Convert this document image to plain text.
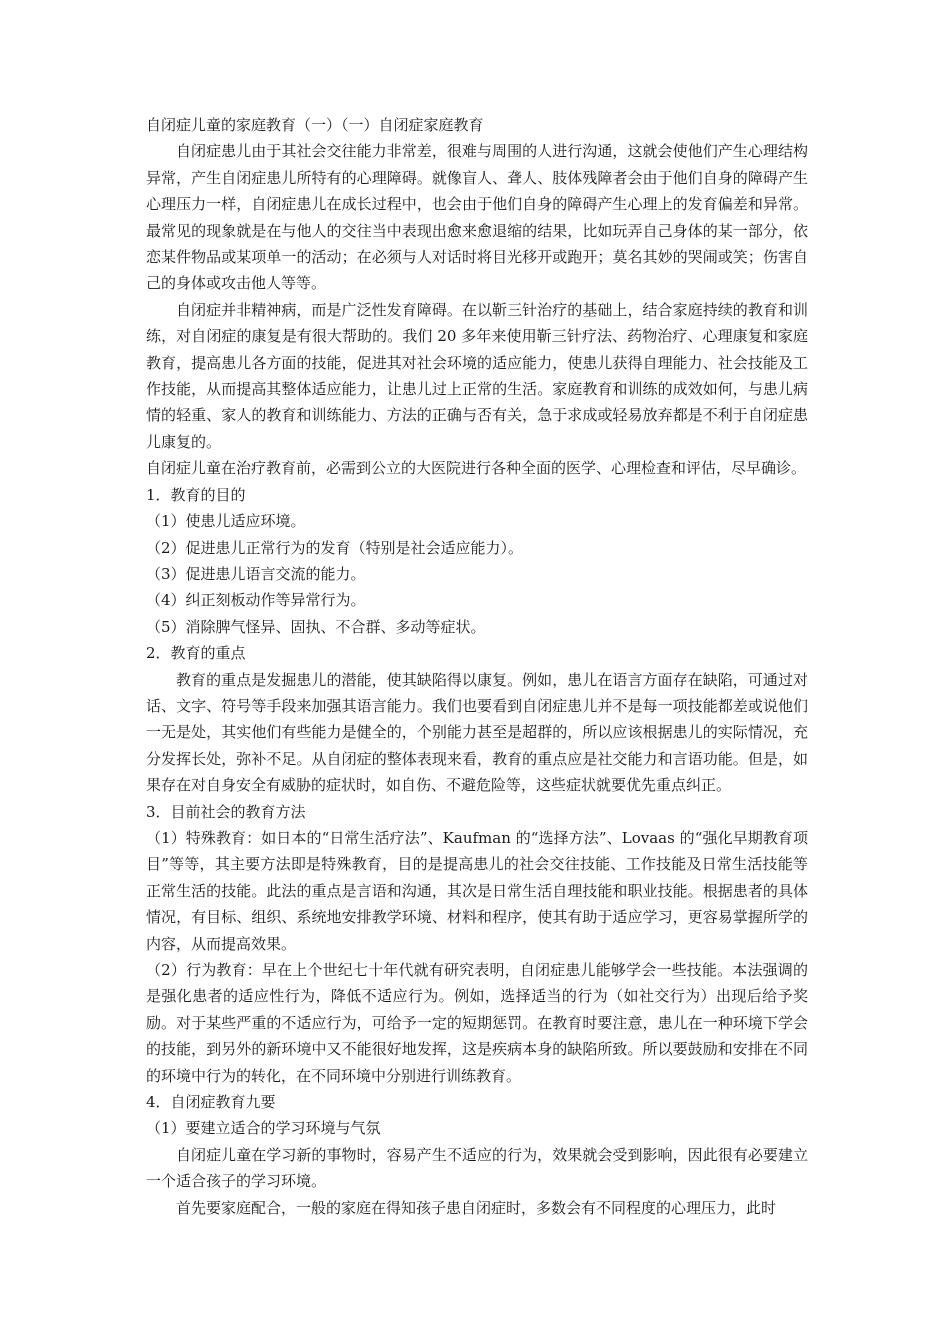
自闭症儿童的家庭教育（一）（一）自闭症家庭教育

自闭症患儿由于其社会交往能力非常差，很难与周围的人进行沟通，这就会使他们产生心理结构异常，产生自闭症患儿所特有的心理障碍。就像盲人、聋人、肢体残障者会由于他们自身的障碍产生心理压力一样，自闭症患儿在成长过程中，也会由于他们自身的障碍产生心理上的发育偏差和异常。最常见的现象就是在与他人的交往当中表现出愈来愈退缩的结果，比如玩弄自己身体的某一部分，依恋某件物品或某项单一的活动；在必须与人对话时将目光移开或跑开；莫名其妙的哭闹或笑；伤害自己的身体或攻击他人等等。

自闭症并非精神病，而是广泛性发育障碍。在以靳三针治疗的基础上，结合家庭持续的教育和训练，对自闭症的康复是有很大帮助的。我们 20 多年来使用靳三针疗法、药物治疗、心理康复和家庭教育，提高患儿各方面的技能，促进其对社会环境的适应能力，使患儿获得自理能力、社会技能及工作技能，从而提高其整体适应能力，让患儿过上正常的生活。家庭教育和训练的成效如何，与患儿病情的轻重、家人的教育和训练能力、方法的正确与否有关，急于求成或轻易放弃都是不利于自闭症患儿康复的。

自闭症儿童在治疗教育前，必需到公立的大医院进行各种全面的医学、心理检查和评估，尽早确诊。

1．教育的目的

（1）使患儿适应环境。

（2）促进患儿正常行为的发育（特别是社会适应能力）。

（3）促进患儿语言交流的能力。

（4）纠正刻板动作等异常行为。

（5）消除脾气怪异、固执、不合群、多动等症状。

2．教育的重点

教育的重点是发掘患儿的潜能，使其缺陷得以康复。例如，患儿在语言方面存在缺陷，可通过对话、文字、符号等手段来加强其语言能力。我们也要看到自闭症患儿并不是每一项技能都差或说他们一无是处，其实他们有些能力是健全的，个别能力甚至是超群的，所以应该根据患儿的实际情况，充分发挥长处，弥补不足。从自闭症的整体表现来看，教育的重点应是社交能力和言语功能。但是，如果存在对自身安全有威胁的症状时，如自伤、不避危险等，这些症状就要优先重点纠正。

3．目前社会的教育方法

（1）特殊教育：如日本的“日常生活疗法”、Kaufman 的“选择方法”、Lovaas 的“强化早期教育项目”等等，其主要方法即是特殊教育，目的是提高患儿的社会交往技能、工作技能及日常生活技能等正常生活的技能。此法的重点是言语和沟通，其次是日常生活自理技能和职业技能。根据患者的具体情况，有目标、组织、系统地安排教学环境、材料和程序，使其有助于适应学习，更容易掌握所学的内容，从而提高效果。

（2）行为教育：早在上个世纪七十年代就有研究表明，自闭症患儿能够学会一些技能。本法强调的是强化患者的适应性行为，降低不适应行为。例如，选择适当的行为（如社交行为）出现后给予奖励。对于某些严重的不适应行为，可给予一定的短期惩罚。在教育时要注意，患儿在一种环境下学会的技能，到另外的新环境中又不能很好地发挥，这是疾病本身的缺陷所致。所以要鼓励和安排在不同的环境中行为的转化，在不同环境中分别进行训练教育。

4．自闭症教育九要

（1）要建立适合的学习环境与气氛

自闭症儿童在学习新的事物时，容易产生不适应的行为，效果就会受到影响，因此很有必要建立一个适合孩子的学习环境。

首先要家庭配合，一般的家庭在得知孩子患自闭症时，多数会有不同程度的心理压力，此时
